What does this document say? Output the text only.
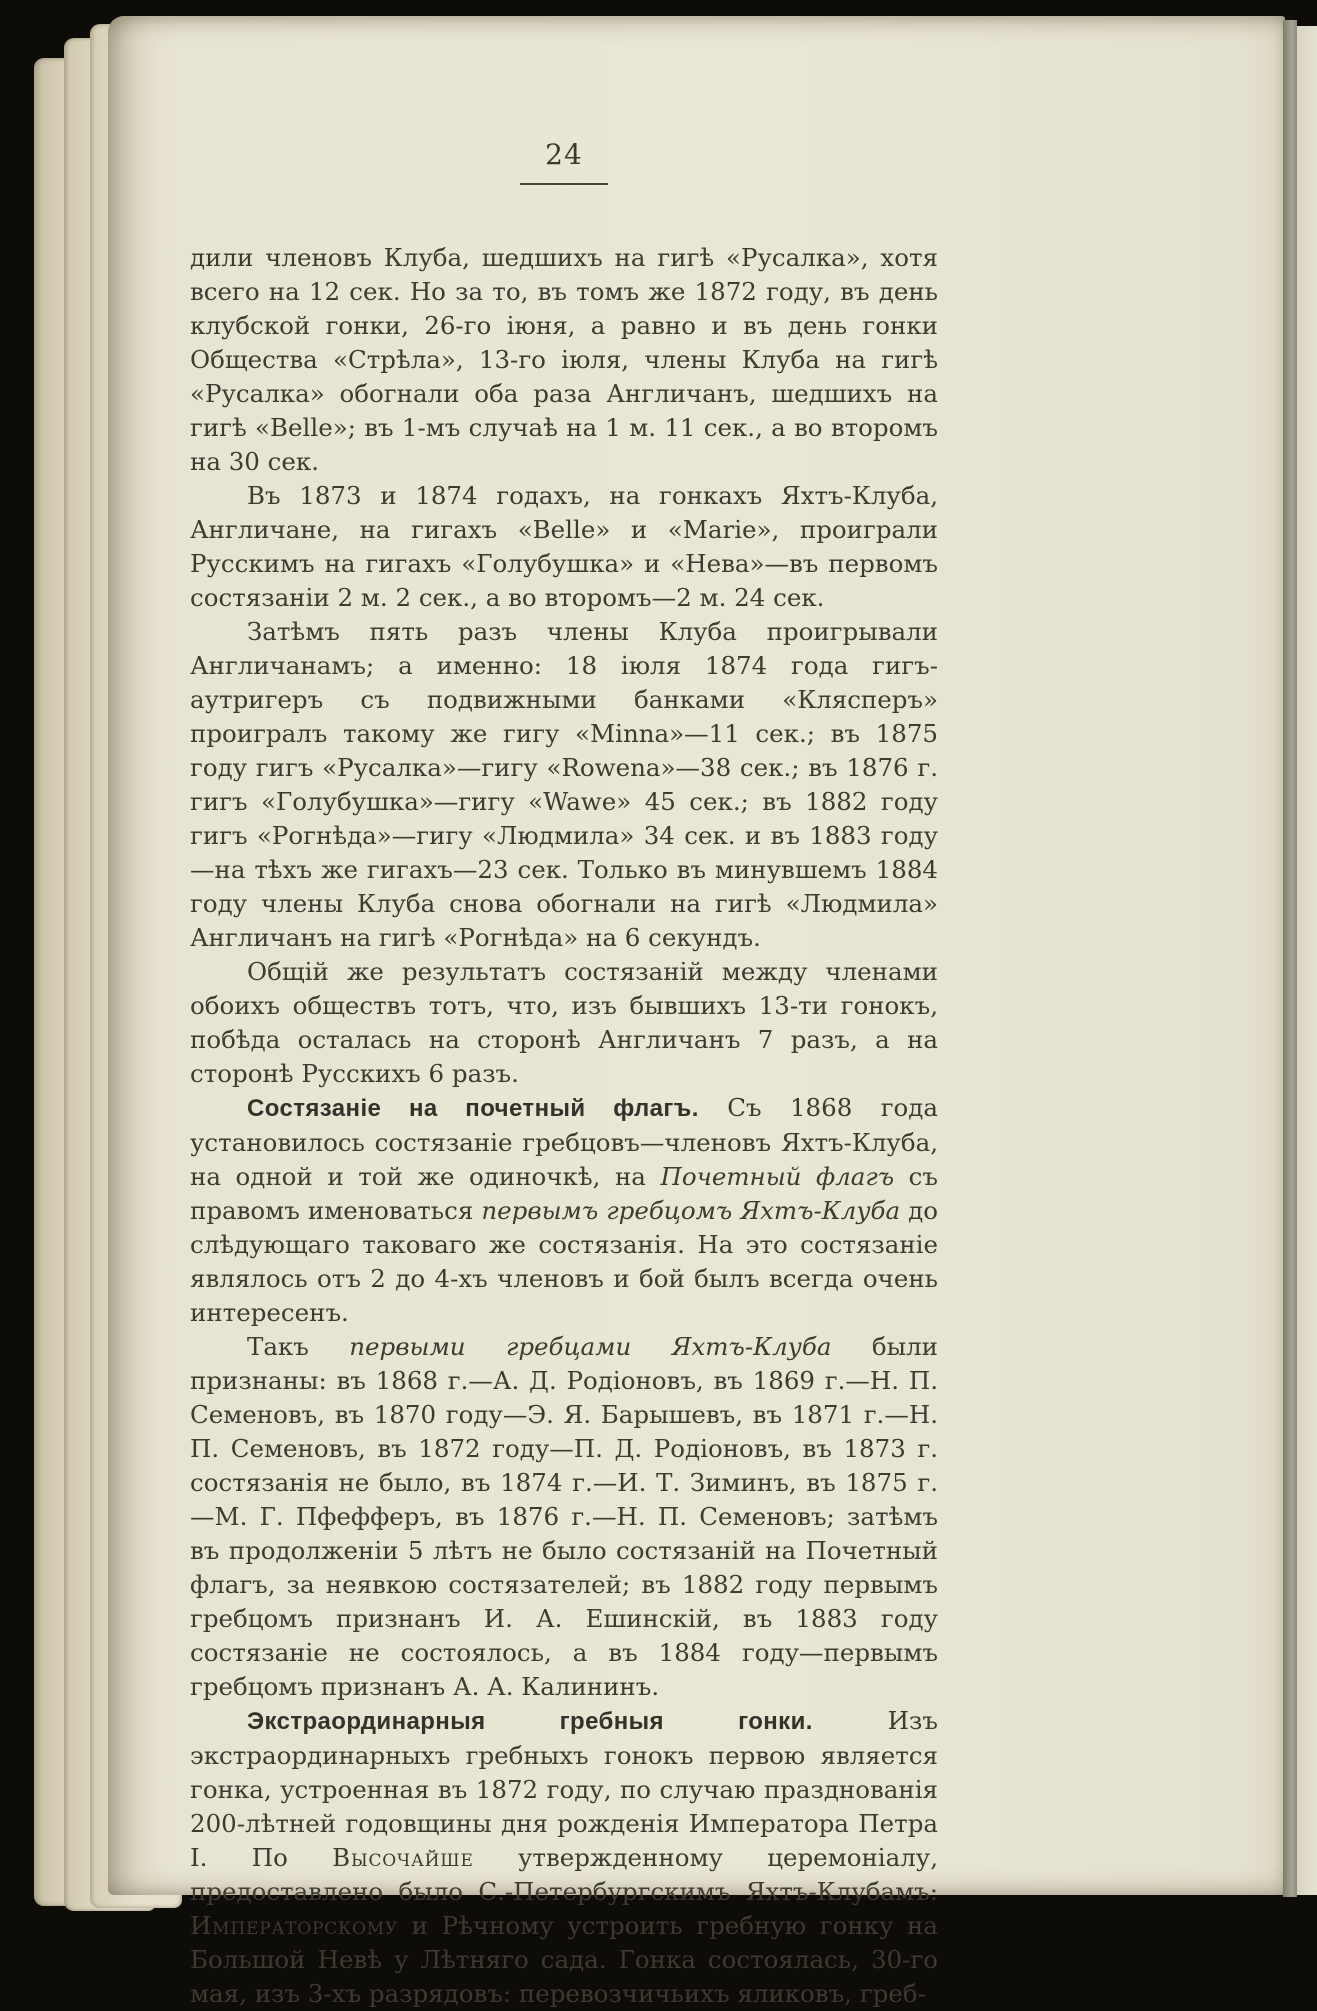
24

дили членовъ Клуба, шедшихъ на гигѣ «Русалка», хотя всего на 12 сек. Но за то, въ томъ же 1872 году, въ день клубской гонки, 26-го іюня, а равно и въ день гонки Общества «Стрѣла», 13-го іюля, члены Клуба на гигѣ «Русалка» обогнали оба раза Англичанъ, шедшихъ на гигѣ «Belle»; въ 1-мъ случаѣ на 1 м. 11 сек., а во второмъ на 30 сек.

Въ 1873 и 1874 годахъ, на гонкахъ Яхтъ-Клуба, Англичане, на гигахъ «Belle» и «Marie», проиграли Русскимъ на гигахъ «Голубушка» и «Нева»—въ первомъ состязаніи 2 м. 2 сек., а во второмъ—2 м. 24 сек.

Затѣмъ пять разъ члены Клуба проигрывали Англичанамъ; а именно: 18 іюля 1874 года гигъ-аутригеръ съ подвижными банками «Клясперъ» проигралъ такому же гигу «Minna»—11 сек.; въ 1875 году гигъ «Русалка»—гигу «Rowena»—38 сек.; въ 1876 г. гигъ «Голубушка»—гигу «Wawe» 45 сек.; въ 1882 году гигъ «Рогнѣда»—гигу «Людмила» 34 сек. и въ 1883 году—на тѣхъ же гигахъ—23 сек. Только въ минувшемъ 1884 году члены Клуба снова обогнали на гигѣ «Людмила» Англичанъ на гигѣ «Рогнѣда» на 6 секундъ.

Общій же результатъ состязаній между членами обоихъ обществъ тотъ, что, изъ бывшихъ 13-ти гонокъ, побѣда осталась на сторонѣ Англичанъ 7 разъ, а на сторонѣ Русскихъ 6 разъ.

Состязаніе на почетный флагъ. Съ 1868 года установилось состязаніе гребцовъ—членовъ Яхтъ-Клуба, на одной и той же одиночкѣ, на Почетный флагъ съ правомъ именоваться первымъ гребцомъ Яхтъ-Клуба до слѣдующаго таковаго же состязанія. На это состязаніе являлось отъ 2 до 4-хъ членовъ и бой былъ всегда очень интересенъ.

Такъ первыми гребцами Яхтъ-Клуба были признаны: въ 1868 г.—А. Д. Родіоновъ, въ 1869 г.—Н. П. Семеновъ, въ 1870 году—Э. Я. Барышевъ, въ 1871 г.—Н. П. Семеновъ, въ 1872 году—П. Д. Родіоновъ, въ 1873 г. состязанія не было, въ 1874 г.—И. Т. Зиминъ, въ 1875 г.—М. Г. Пфефферъ, въ 1876 г.—Н. П. Семеновъ; затѣмъ въ продолженіи 5 лѣтъ не было состязаній на Почетный флагъ, за неявкою состязателей; въ 1882 году первымъ гребцомъ признанъ И. А. Ешинскій, въ 1883 году состязаніе не состоялось, а въ 1884 году—первымъ гребцомъ признанъ А. А. Калининъ.

Экстраординарныя гребныя гонки. Изъ экстраординарныхъ гребныхъ гонокъ первою является гонка, устроенная въ 1872 году, по случаю празднованія 200-лѣтней годовщины дня рожденія Императора Петра I. По Высочайше утвержденному церемоніалу, предоставлено было С.-Петербургскимъ Яхтъ-Клубамъ: Императорскому и Рѣчному устроить гребную гонку на Большой Невѣ у Лѣтняго сада. Гонка состоялась, 30-го мая, изъ 3-хъ разрядовъ: перевозчичьихъ яликовъ, греб-
